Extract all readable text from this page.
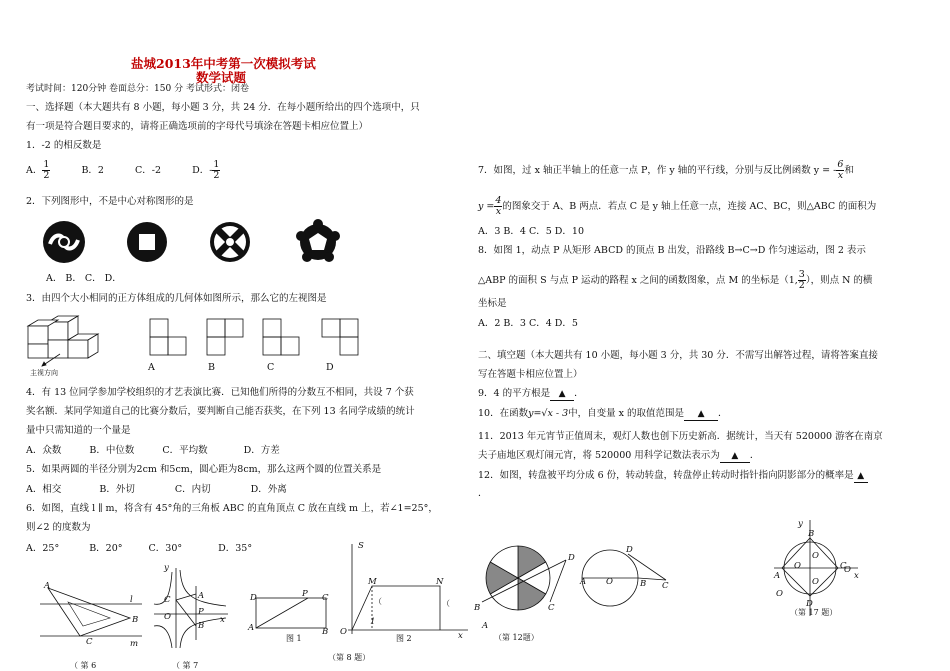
盐城2013年中考第一次模拟考试
数学试题
考试时间：120分钟 卷面总分：150 分 考试形式：闭卷
一、选择题（本大题共有 8 小题，每小题 3 分，共 24 分．在每小题所给出的四个选项中，只
有一项是符合题目要求的，请将正确选项前的字母代号填涂在答题卡相应位置上）
1．-2 的相反数是
A． $\frac{1}{2}$	B．2	C．-2	D．- $\frac{1}{2}$
2．下列图形中，不是中心对称图形的是
A． B． C． D．
3．由四个大小相同的正方体组成的几何体如图所示，那么它的左视图是
主视方向	A	B	C	D
4．有 13 位同学参加学校组织的才艺表演比赛．已知他们所得的分数互不相同，共设 7 个获
奖名额．某同学知道自己的比赛分数后，要判断自己能否获奖，在下列 13 名同学成绩的统计
量中只需知道的一个量是
A．众数	B．中位数	C．平均数	D．方差
5．如果两圆的半径分别为2cm 和5cm，圆心距为8cm，那么这两个圆的位置关系是
A．相交	B．外切	C．内切	D．外离
6．如图，直线 l ∥ m，将含有 45°角的三角板 ABC 的直角顶点 C 放在直线 m 上，若∠1=25°，
则∠2 的度数为
A．25°	B．20°	C．30°	D．35°
A
B
C
l
m
（ 第 6
y
x
O
C	A
P
B
（ 第 7
D	P C
A	B
图 1
S
M	N
O
1
x
（
（
图 2
（第 8 题）
7．如图，过 x 轴正半轴上的任意一点 P，作 y 轴的平行线，分别与反比例函数 y = - $\frac{6}{x}$ 和
$y = \frac{4}{x}$ 的图象交于 A、B 两点．若点 C 是 y 轴上任意一点，连接 AC、BC，则△ABC 的面积为
A．3 B．4 C．5 D．10
8．如图 1，动点 P 从矩形 ABCD 的顶点 B 出发，沿路线 B→C→D 作匀速运动，图 2 表示
△ABP 的面积 S 与点 P 运动的路程 x 之间的函数图象，点 M 的坐标是（1, $\frac{3}{2}$ ），则点 N 的横
坐标是
A．2 B．3 C．4 D．5
二、填空题（本大题共有 10 小题，每小题 3 分，共 30 分．不需写出解答过程，请将答案直接
写在答题卡相应位置上）
9．4 的平方根是 ▲ ．
10．在函数y=√x - 3中，自变量 x 的取值范围是 ▲ ．
11．2013 年元宵节正值周末，观灯人数也创下历史新高．据统计，当天有 520000 游客在南京
夫子庙地区观灯闹元宵，将 520000 用科学记数法表示为 ▲ ．
12．如图，转盘被平均分成 6 份，转动转盘，转盘停止转动时指针指向阴影部分的概率是 ▲
．
D
B	C
A
（第 12题）
D
O
A	B C
y
x
B
C
D
A
O
O
O
O
O
（第 17 题）
